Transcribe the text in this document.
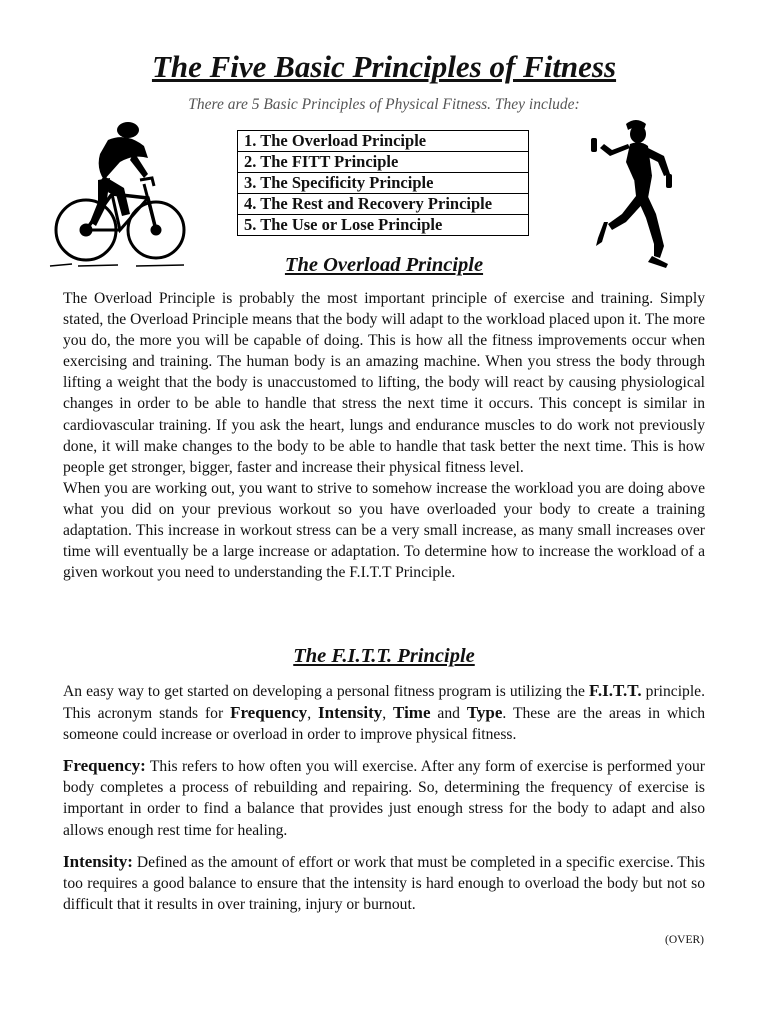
The Five Basic Principles of Fitness
There are 5 Basic Principles of Physical Fitness. They include:
1. The Overload Principle
2. The FITT Principle
3. The Specificity Principle
4. The Rest and Recovery Principle
5. The Use or Lose Principle
The Overload Principle

The Overload Principle is probably the most important principle of exercise and training. Simply stated, the Overload Principle means that the body will adapt to the workload placed upon it. The more you do, the more you will be capable of doing. This is how all the fitness improvements occur when exercising and training. The human body is an amazing machine. When you stress the body through lifting a weight that the body is unaccustomed to lifting, the body will react by causing physiological changes in order to be able to handle that stress the next time it occurs. This concept is similar in cardiovascular training. If you ask the heart, lungs and endurance muscles to do work not previously done, it will make changes to the body to be able to handle that task better the next time. This is how people get stronger, bigger, faster and increase their physical fitness level.

When you are working out, you want to strive to somehow increase the workload you are doing above what you did on your previous workout so you have overloaded your body to create a training adaptation. This increase in workout stress can be a very small increase, as many small increases over time will eventually be a large increase or adaptation. To determine how to increase the workload of a given workout you need to understanding the F.I.T.T Principle.

The F.I.T.T. Principle

An easy way to get started on developing a personal fitness program is utilizing the F.I.T.T. principle. This acronym stands for Frequency, Intensity, Time and Type. These are the areas in which someone could increase or overload in order to improve physical fitness.

Frequency: This refers to how often you will exercise. After any form of exercise is performed your body completes a process of rebuilding and repairing. So, determining the frequency of exercise is important in order to find a balance that provides just enough stress for the body to adapt and also allows enough rest time for healing.

Intensity: Defined as the amount of effort or work that must be completed in a specific exercise. This too requires a good balance to ensure that the intensity is hard enough to overload the body but not so difficult that it results in over training, injury or burnout.

(OVER)
